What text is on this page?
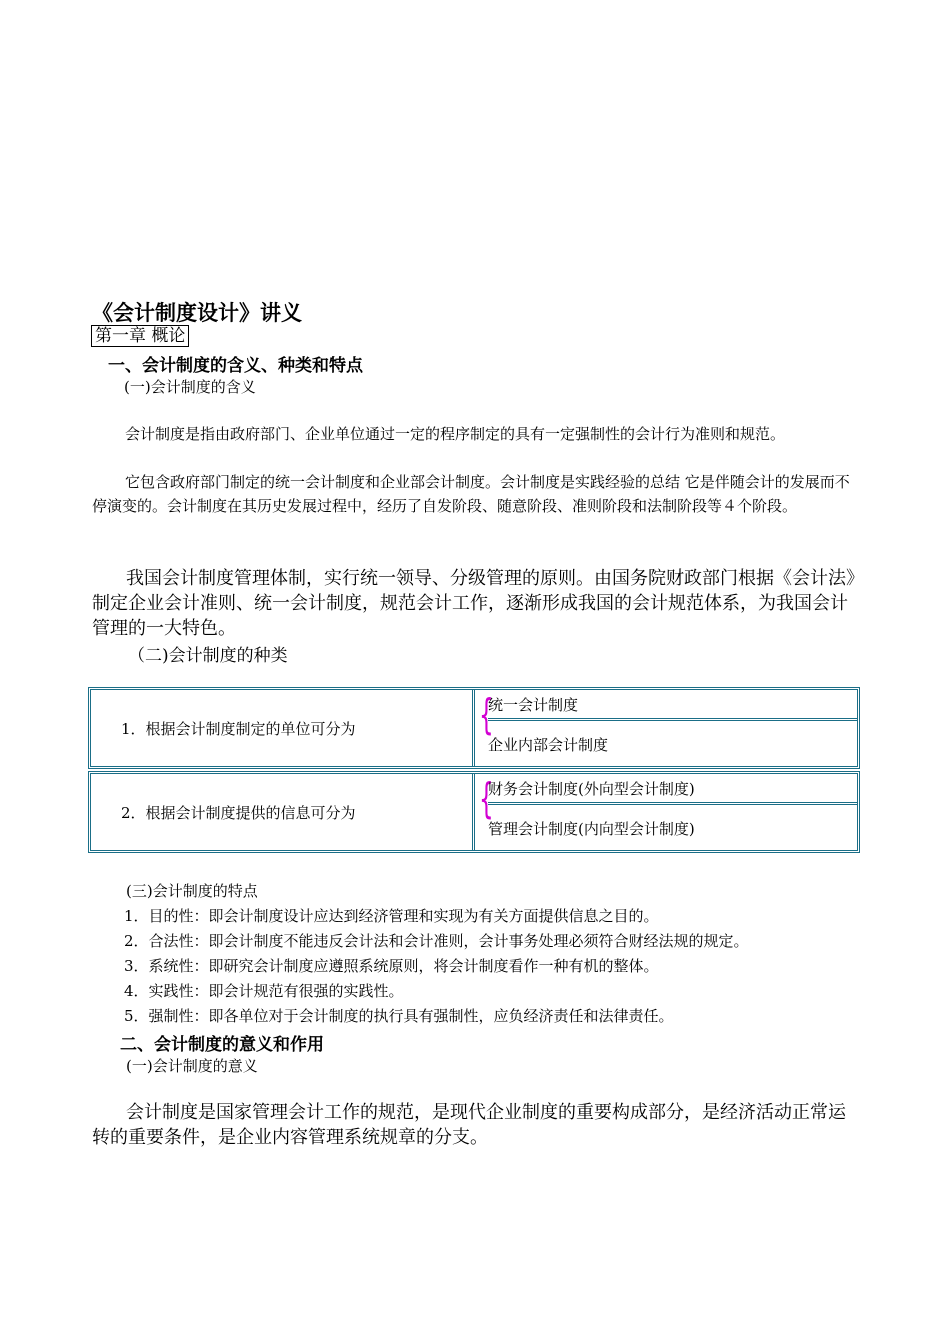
《会计制度设计》讲义
第一章 概论
一、会计制度的含义、种类和特点
(一)会计制度的含义
会计制度是指由政府部门、企业单位通过一定的程序制定的具有一定强制性的会计行为准则和规范。
它包含政府部门制定的统一会计制度和企业部会计制度。会计制度是实践经验的总结 它是伴随会计的发展而不停演变的。会计制度在其历史发展过程中，经历了自发阶段、随意阶段、准则阶段和法制阶段等４个阶段。
我国会计制度管理体制，实行统一领导、分级管理的原则。由国务院财政部门根据《会计法》制定企业会计准则、统一会计制度，规范会计工作，逐渐形成我国的会计规范体系，为我国会计管理的一大特色。
（二)会计制度的种类
1．根据会计制度制定的单位可分为	{
统一会计制度
企业内部会计制度
2．根据会计制度提供的信息可分为	{
财务会计制度(外向型会计制度)
管理会计制度(内向型会计制度)
(三)会计制度的特点
1．目的性：即会计制度设计应达到经济管理和实现为有关方面提供信息之目的。
2．合法性：即会计制度不能违反会计法和会计准则，会计事务处理必须符合财经法规的规定。
3．系统性：即研究会计制度应遵照系统原则，将会计制度看作一种有机的整体。
4．实践性：即会计规范有很强的实践性。
5．强制性：即各单位对于会计制度的执行具有强制性，应负经济责任和法律责任。
二、会计制度的意义和作用
(一)会计制度的意义
会计制度是国家管理会计工作的规范，是现代企业制度的重要构成部分，是经济活动正常运转的重要条件，是企业内容管理系统规章的分支。
